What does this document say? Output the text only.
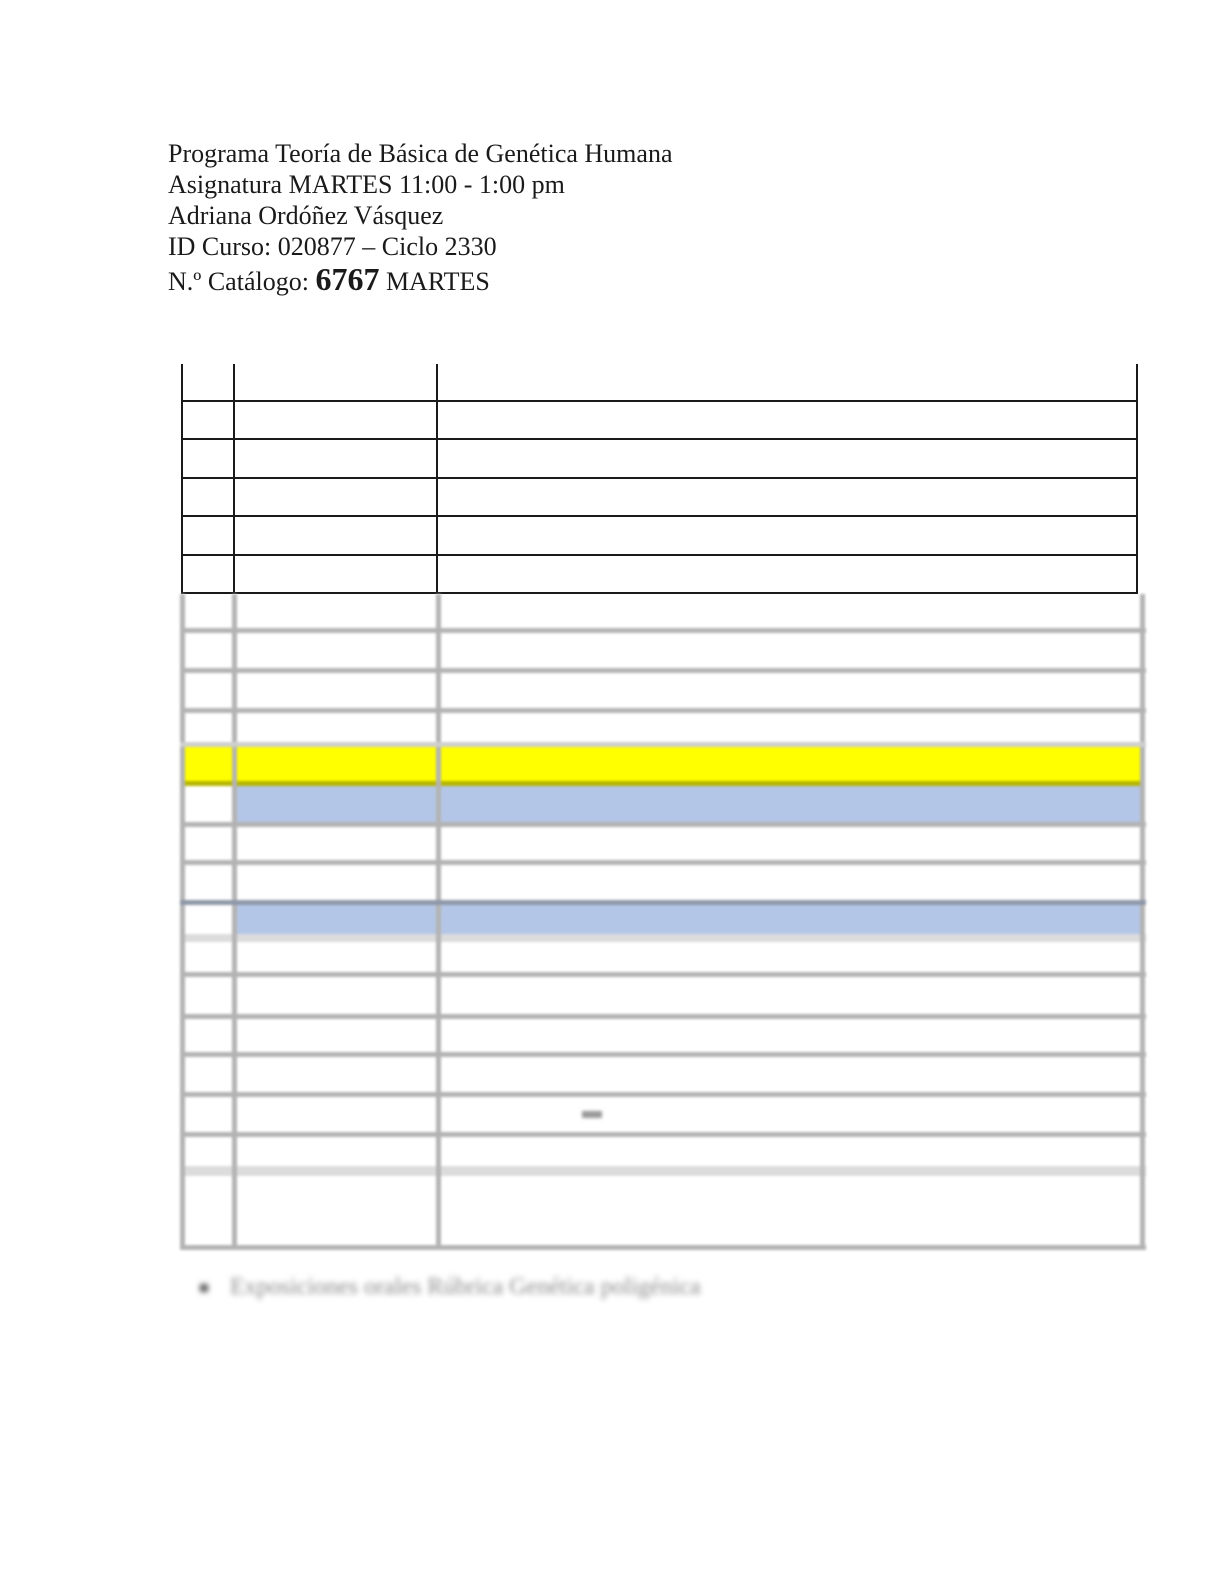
Programa Teoría de Básica de Genética Humana
Asignatura MARTES 11:00 - 1:00 pm
Adriana Ordóñez Vásquez
ID Curso: 020877 – Ciclo 2330
N.º Catálogo: 6767 MARTES
Exposiciones orales Rúbrica Genética poligénica
